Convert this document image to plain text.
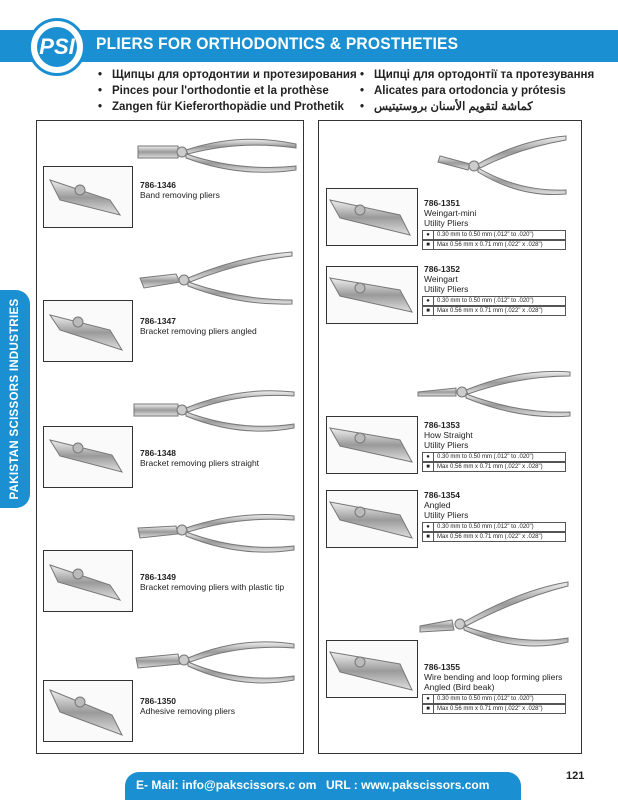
PSI PLIERS FOR ORTHODONTICS & PROSTHETIES
• Щипцы для ортодонтии и протезирования
• Pinces pour l'orthodontie et la prothèse
• Zangen für Kieferorthopädie und Prothetik
• Щипці для ортодонтії та протезування
• Alicates para ortodoncia y prótesis
• كماشة لتقويم الأسنان بروستيتيس
PAKISTAN SCISSORS INDUSTRIES
786-1346
Band removing pliers
786-1347
Bracket removing pliers angled
786-1348
Bracket removing pliers straight
786-1349
Bracket removing pliers with plastic tip
786-1350
Adhesive removing pliers
786-1351
Weingart-mini
Utility Pliers
786-1352
Weingart
Utility Pliers
786-1353
How Straight
Utility Pliers
786-1354
Angled
Utility Pliers
786-1355
Wire bending and loop forming pliers
Angled (Bird beak)
● 0.30 mm to 0.50 mm (.012" to .020")
■ Max 0.56 mm x 0.71 mm (.022" x .028")
● 0.30 mm to 0.50 mm (.012" to .020")
■ Max 0.56 mm x 0.71 mm (.022" x .028")
● 0.30 mm to 0.50 mm (.012" to .020")
■ Max 0.56 mm x 0.71 mm (.022" x .028")
● 0.30 mm to 0.50 mm (.012" to .020")
■ Max 0.56 mm x 0.71 mm (.022" x .028")
● 0.30 mm to 0.50 mm (.012" to .020")
■ Max 0.56 mm x 0.71 mm (.022" x .028")
E- Mail: info@pakscissors.c om URL : www.pakscissors.com
121
